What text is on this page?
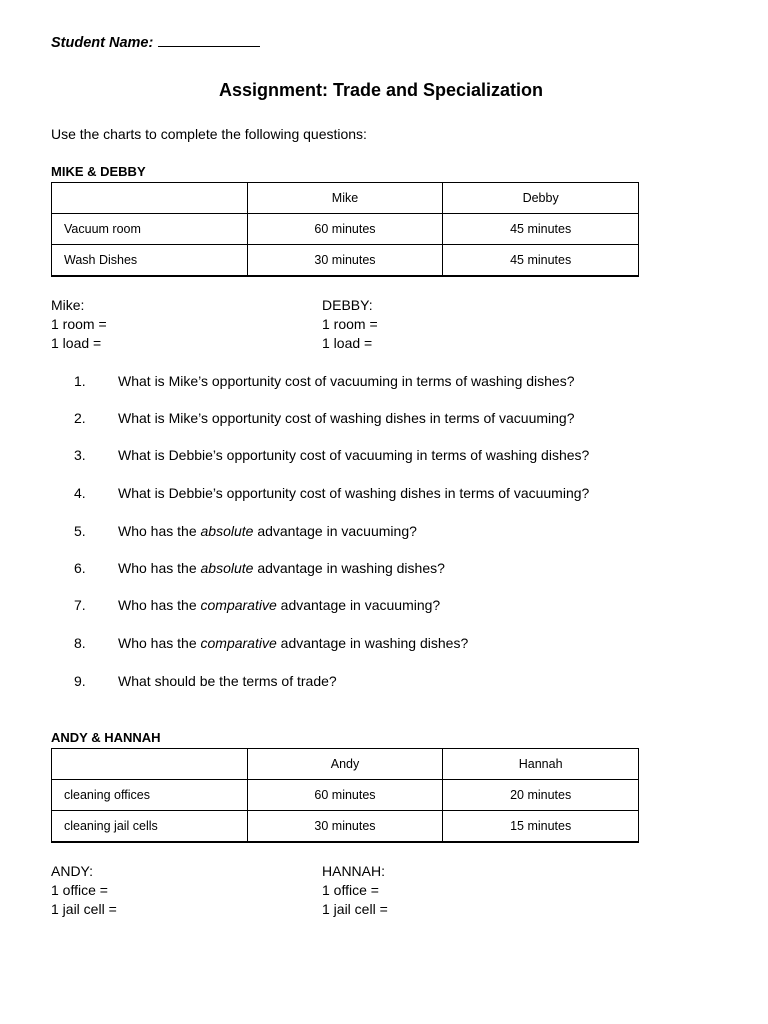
Student Name:
Assignment: Trade and Specialization
Use the charts to complete the following questions:
MIKE & DEBBY
	Mike	Debby
Vacuum room	60 minutes	45 minutes
Wash Dishes	30 minutes	45 minutes
Mike:
1 room =
1 load =
DEBBY:
1 room =
1 load =
1. What is Mike’s opportunity cost of vacuuming in terms of washing dishes?
2. What is Mike’s opportunity cost of washing dishes in terms of vacuuming?
3. What is Debbie’s opportunity cost of vacuuming in terms of washing dishes?
4. What is Debbie’s opportunity cost of washing dishes in terms of vacuuming?
5. Who has the absolute advantage in vacuuming?
6. Who has the absolute advantage in washing dishes?
7. Who has the comparative advantage in vacuuming?
8. Who has the comparative advantage in washing dishes?
9. What should be the terms of trade?
ANDY & HANNAH
	Andy	Hannah
cleaning offices	60 minutes	20 minutes
cleaning jail cells	30 minutes	15 minutes
ANDY:
1 office =
1 jail cell =
HANNAH:
1 office =
1 jail cell =
